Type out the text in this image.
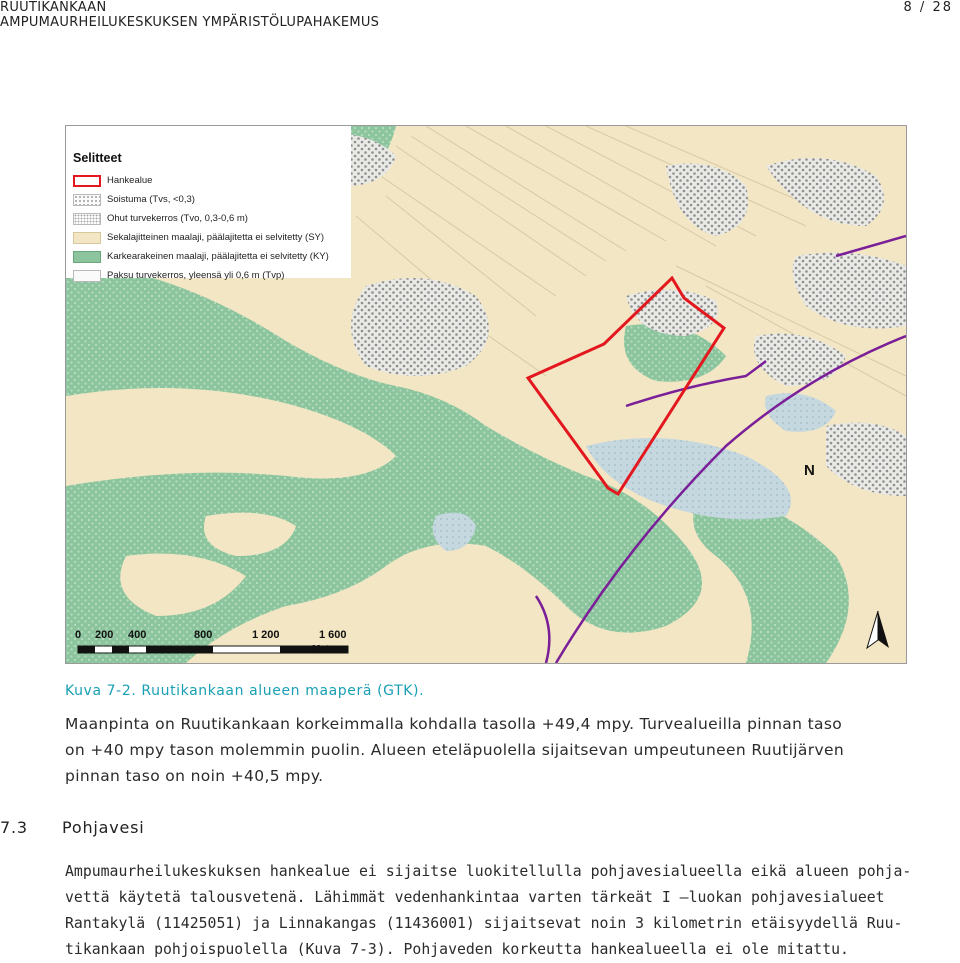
RUUTIKANKAAN
AMPUMAURHEILUKESKUKSEN YMPÄRISTÖLUPAHAKEMUS
8 / 28
Selitteet
Hankealue
Soistuma (Tvs, <0,3)
Ohut turvekerros (Tvo, 0,3-0,6 m)
Sekalajitteinen maalaji, päälajitetta ei selvitetty (SY)
Karkearakeinen maalaji, päälajitetta ei selvitetty (KY)
Paksu turvekerros, yleensä yli 0,6 m (Tvp)
0 200 400	800	1 200	1 600
N
Meters
Kuva 7-2. Ruutikankaan alueen maaperä (GTK).
Maanpinta on Ruutikankaan korkeimmalla kohdalla tasolla +49,4 mpy. Turvealueilla pinnan taso
on +40 mpy tason molemmin puolin. Alueen eteläpuolella sijaitsevan umpeutuneen Ruutijärven
pinnan taso on noin +40,5 mpy.
7.3 Pohjavesi
Ampumaurheilukeskuksen hankealue ei sijaitse luokitellulla pohjavesialueella eikä alueen pohja-
vettä käytetä talousvetenä. Lähimmät vedenhankintaa varten tärkeät I –luokan pohjavesialueet
Rantakylä (11425051) ja Linnakangas (11436001) sijaitsevat noin 3 kilometrin etäisyydellä Ruu-
tikankaan pohjoispuolella (Kuva 7-3). Pohjaveden korkeutta hankealueella ei ole mitattu.
